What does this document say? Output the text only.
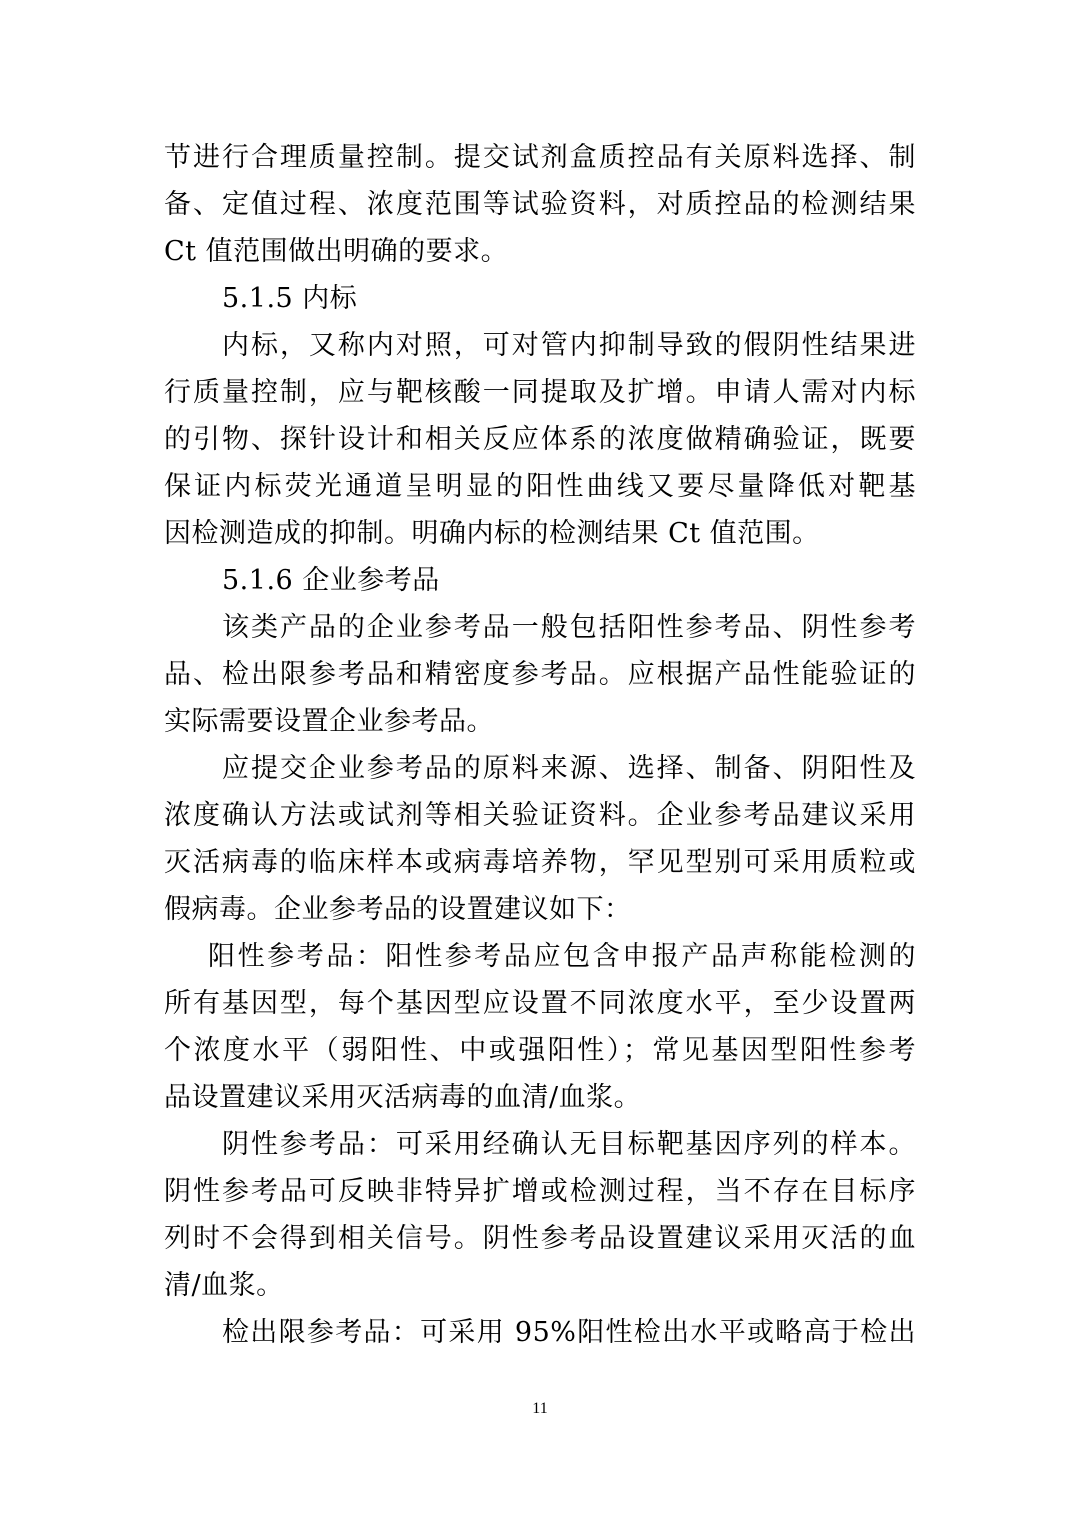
节进行合理质量控制。提交试剂盒质控品有关原料选择、制
备、定值过程、浓度范围等试验资料，对质控品的检测结果
Ct 值范围做出明确的要求。
5.1.5 内标
内标，又称内对照，可对管内抑制导致的假阴性结果进
行质量控制，应与靶核酸一同提取及扩增。申请人需对内标
的引物、探针设计和相关反应体系的浓度做精确验证，既要
保证内标荧光通道呈明显的阳性曲线又要尽量降低对靶基
因检测造成的抑制。明确内标的检测结果 Ct 值范围。
5.1.6 企业参考品
该类产品的企业参考品一般包括阳性参考品、阴性参考
品、检出限参考品和精密度参考品。应根据产品性能验证的
实际需要设置企业参考品。
应提交企业参考品的原料来源、选择、制备、阴阳性及
浓度确认方法或试剂等相关验证资料。企业参考品建议采用
灭活病毒的临床样本或病毒培养物，罕见型别可采用质粒或
假病毒。企业参考品的设置建议如下：
阳性参考品：阳性参考品应包含申报产品声称能检测的
所有基因型，每个基因型应设置不同浓度水平，至少设置两
个浓度水平（弱阳性、中或强阳性）；常见基因型阳性参考
品设置建议采用灭活病毒的血清/血浆。
阴性参考品：可采用经确认无目标靶基因序列的样本。
阴性参考品可反映非特异扩增或检测过程，当不存在目标序
列时不会得到相关信号。阴性参考品设置建议采用灭活的血
清/血浆。
检出限参考品：可采用 95%阳性检出水平或略高于检出
11
